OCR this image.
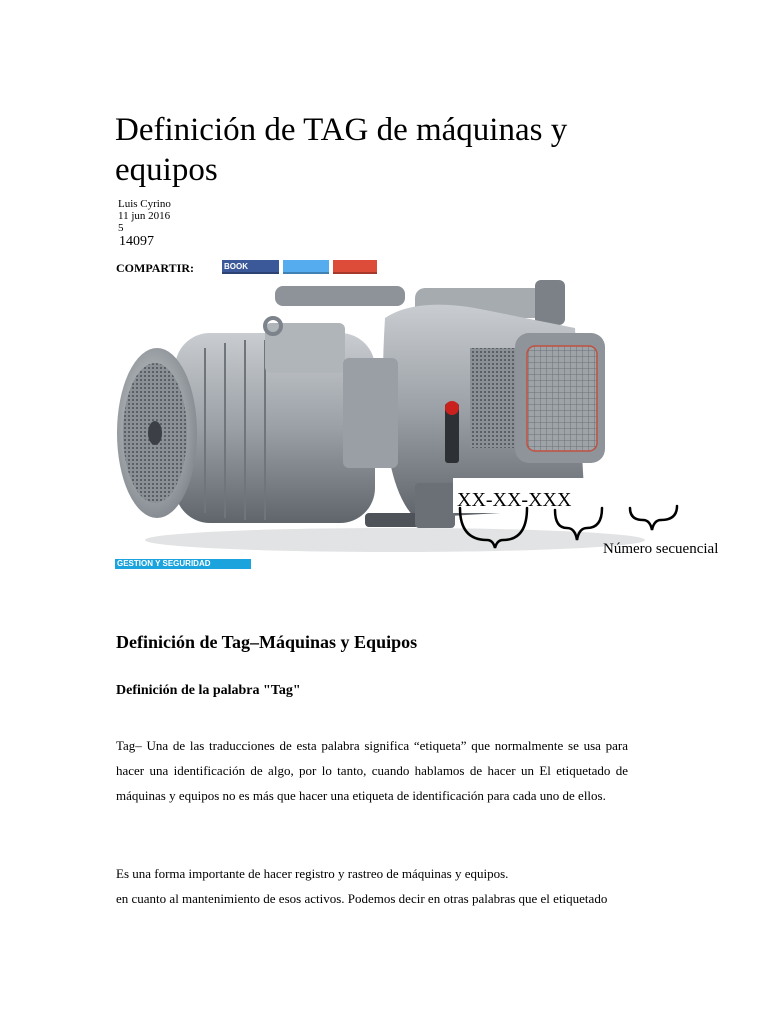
Definición de TAG de máquinas y equipos
Luis Cyrino
11 jun 2016
5
14097
COMPARTIR:	BOOK
XX-XX-XXX
Número secuencial
GESTION Y SEGURIDAD
Definición de Tag–Máquinas y Equipos
Definición de la palabra "Tag"

Tag– Una de las traducciones de esta palabra significa “etiqueta” que normalmente se usa para hacer una identificación de algo, por lo tanto, cuando hablamos de hacer un El etiquetado de máquinas y equipos no es más que hacer una etiqueta de identificación para cada uno de ellos.

Es una forma importante de hacer registro y rastreo de máquinas y equipos.

en cuanto al mantenimiento de esos activos. Podemos decir en otras palabras que el etiquetado
